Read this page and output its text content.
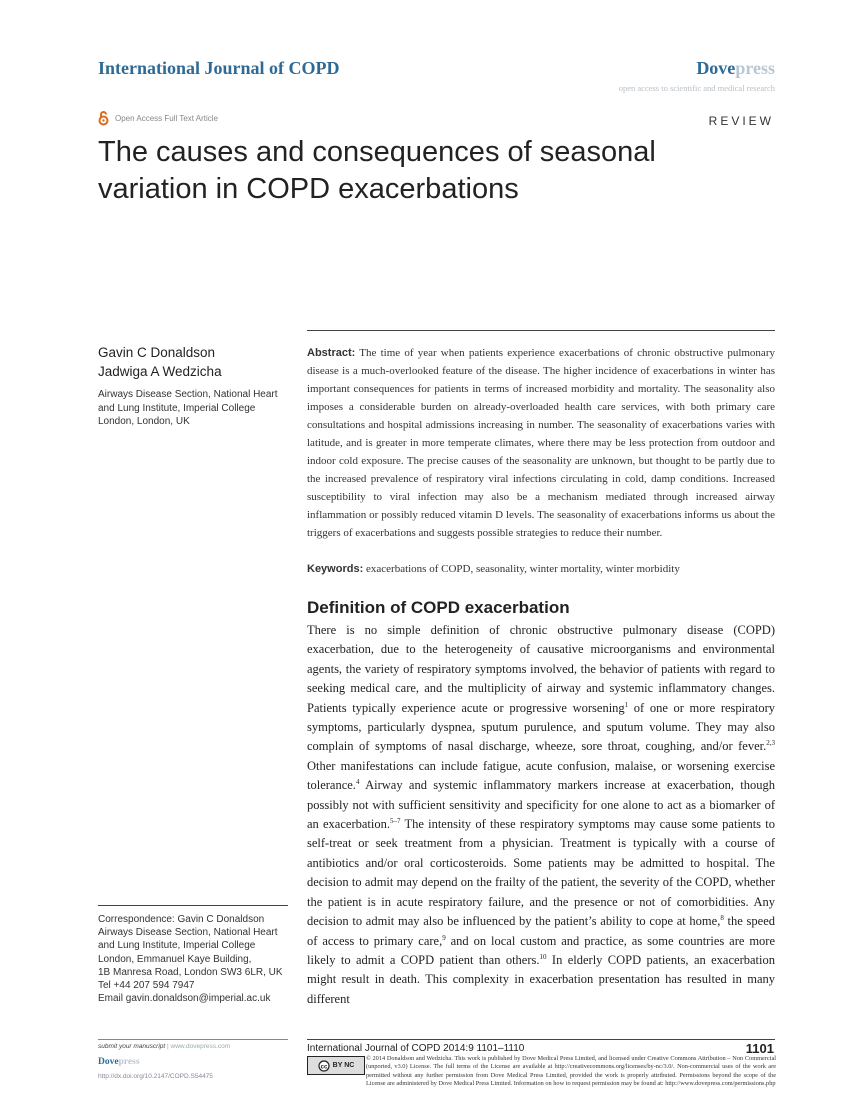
International Journal of COPD	Dovepress
open access to scientific and medical research
Open Access Full Text Article	REVIEW
The causes and consequences of seasonal
variation in COPD exacerbations
Gavin C Donaldson
Jadwiga A Wedzicha
Airways Disease Section, National Heart and Lung Institute, Imperial College London, London, UK
Correspondence: Gavin C Donaldson
Airways Disease Section, National Heart
and Lung Institute, Imperial College
London, Emmanuel Kaye Building,
1B Manresa Road, London SW3 6LR, UK
Tel +44 207 594 7947
Email gavin.donaldson@imperial.ac.uk

Abstract: The time of year when patients experience exacerbations of chronic obstructive pulmonary disease is a much-overlooked feature of the disease. The higher incidence of exacerbations in winter has important consequences for patients in terms of increased morbidity and mortality. The seasonality also imposes a considerable burden on already-overloaded health care services, with both primary care consultations and hospital admissions increasing in number. The seasonality of exacerbations varies with latitude, and is greater in more temperate climates, where there may be less protection from outdoor and indoor cold exposure. The precise causes of the seasonality are unknown, but thought to be partly due to the increased prevalence of respiratory viral infections circulating in cold, damp conditions. Increased susceptibility to viral infection may also be a mechanism mediated through increased airway inflammation or possibly reduced vitamin D levels. The seasonality of exacerbations informs us about the triggers of exacerbations and suggests possible strategies to reduce their number.

Keywords: exacerbations of COPD, seasonality, winter mortality, winter morbidity

Definition of COPD exacerbation

There is no simple definition of chronic obstructive pulmonary disease (COPD) exacerbation, due to the heterogeneity of causative microorganisms and environmental agents, the variety of respiratory symptoms involved, the behavior of patients with regard to seeking medical care, and the multiplicity of airway and systemic inflammatory changes. Patients typically experience acute or progressive worsening$^1$ of one or more respiratory symptoms, particularly dyspnea, sputum purulence, and sputum volume. They may also complain of symptoms of nasal discharge, wheeze, sore throat, coughing, and/or fever.$^{2,3}$ Other manifestations can include fatigue, acute confusion, malaise, or worsening exercise tolerance.$^4$ Airway and systemic inflammatory markers increase at exacerbation, though possibly not with sufficient sensitivity and specificity for one alone to act as a biomarker of an exacerbation.$^{5-7}$ The intensity of these respiratory symptoms may cause some patients to self-treat or seek treatment from a physician. Treatment is typically with a course of antibiotics and/or oral corticosteroids. Some patients may be admitted to hospital. The decision to admit may depend on the frailty of the patient, the severity of the COPD, whether the patient is in acute respiratory failure, and the presence or not of comorbidities. Any decision to admit may also be influenced by the patient’s ability to cope at home,$^8$ the speed of access to primary care,$^9$ and on local custom and practice, as some countries are more likely to admit a COPD patient than others.$^{10}$ In elderly COPD patients, an exacerbation might result in death. This complexity in exacerbation presentation has resulted in many different

submit your manuscript | www.dovepress.com
Dovepress
http://dx.doi.org/10.2147/COPD.S54475
International Journal of COPD 2014:9 1101–1110	1101
cc BY NC

© 2014 Donaldson and Wedzicha. This work is published by Dove Medical Press Limited, and licensed under Creative Commons Attribution – Non Commercial (unported, v3.0) License. The full terms of the License are available at http://creativecommons.org/licenses/by-nc/3.0/. Non-commercial uses of the work are permitted without any further permission from Dove Medical Press Limited, provided the work is properly attributed. Permissions beyond the scope of the License are administered by Dove Medical Press Limited. Information on how to request permission may be found at: http://www.dovepress.com/permissions.php
